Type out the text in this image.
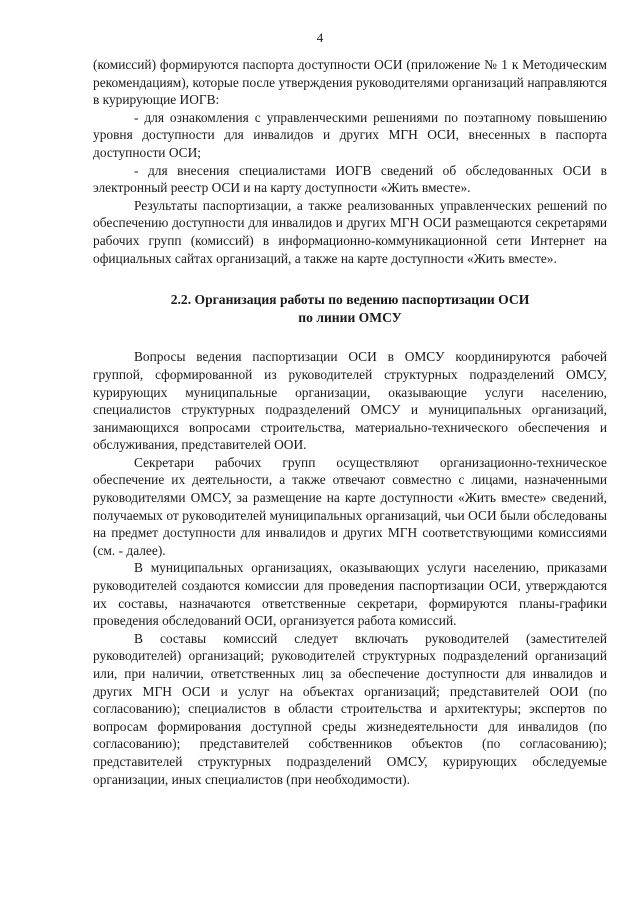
4

(комиссий) формируются паспорта доступности ОСИ (приложение № 1 к Методическим рекомендациям), которые после утверждения руководителями организаций направляются в курирующие ИОГВ:

- для ознакомления с управленческими решениями по поэтапному повышению уровня доступности для инвалидов и других МГН ОСИ, внесенных в паспорта доступности ОСИ;

- для внесения специалистами ИОГВ сведений об обследованных ОСИ в электронный реестр ОСИ и на карту доступности «Жить вместе».

Результаты паспортизации, а также реализованных управленческих решений по обеспечению доступности для инвалидов и других МГН ОСИ размещаются секретарями рабочих групп (комиссий) в информационно-коммуникационной сети Интернет на официальных сайтах организаций, а также на карте доступности «Жить вместе».

2.2. Организация работы по ведению паспортизации ОСИ
по линии ОМСУ

Вопросы ведения паспортизации ОСИ в ОМСУ координируются рабочей группой, сформированной из руководителей структурных подразделений ОМСУ, курирующих муниципальные организации, оказывающие услуги населению, специалистов структурных подразделений ОМСУ и муниципальных организаций, занимающихся вопросами строительства, материально-технического обеспечения и обслуживания, представителей ООИ.

Секретари рабочих групп осуществляют организационно-техническое обеспечение их деятельности, а также отвечают совместно с лицами, назначенными руководителями ОМСУ, за размещение на карте доступности «Жить вместе» сведений, получаемых от руководителей муниципальных организаций, чьи ОСИ были обследованы на предмет доступности для инвалидов и других МГН соответствующими комиссиями (см. - далее).

В муниципальных организациях, оказывающих услуги населению, приказами руководителей создаются комиссии для проведения паспортизации ОСИ, утверждаются их составы, назначаются ответственные секретари, формируются планы-графики проведения обследований ОСИ, организуется работа комиссий.

В составы комиссий следует включать руководителей (заместителей руководителей) организаций; руководителей структурных подразделений организаций или, при наличии, ответственных лиц за обеспечение доступности для инвалидов и других МГН ОСИ и услуг на объектах организаций; представителей ООИ (по согласованию); специалистов в области строительства и архитектуры; экспертов по вопросам формирования доступной среды жизнедеятельности для инвалидов (по согласованию); представителей собственников объектов (по согласованию); представителей структурных подразделений ОМСУ, курирующих обследуемые организации, иных специалистов (при необходимости).
